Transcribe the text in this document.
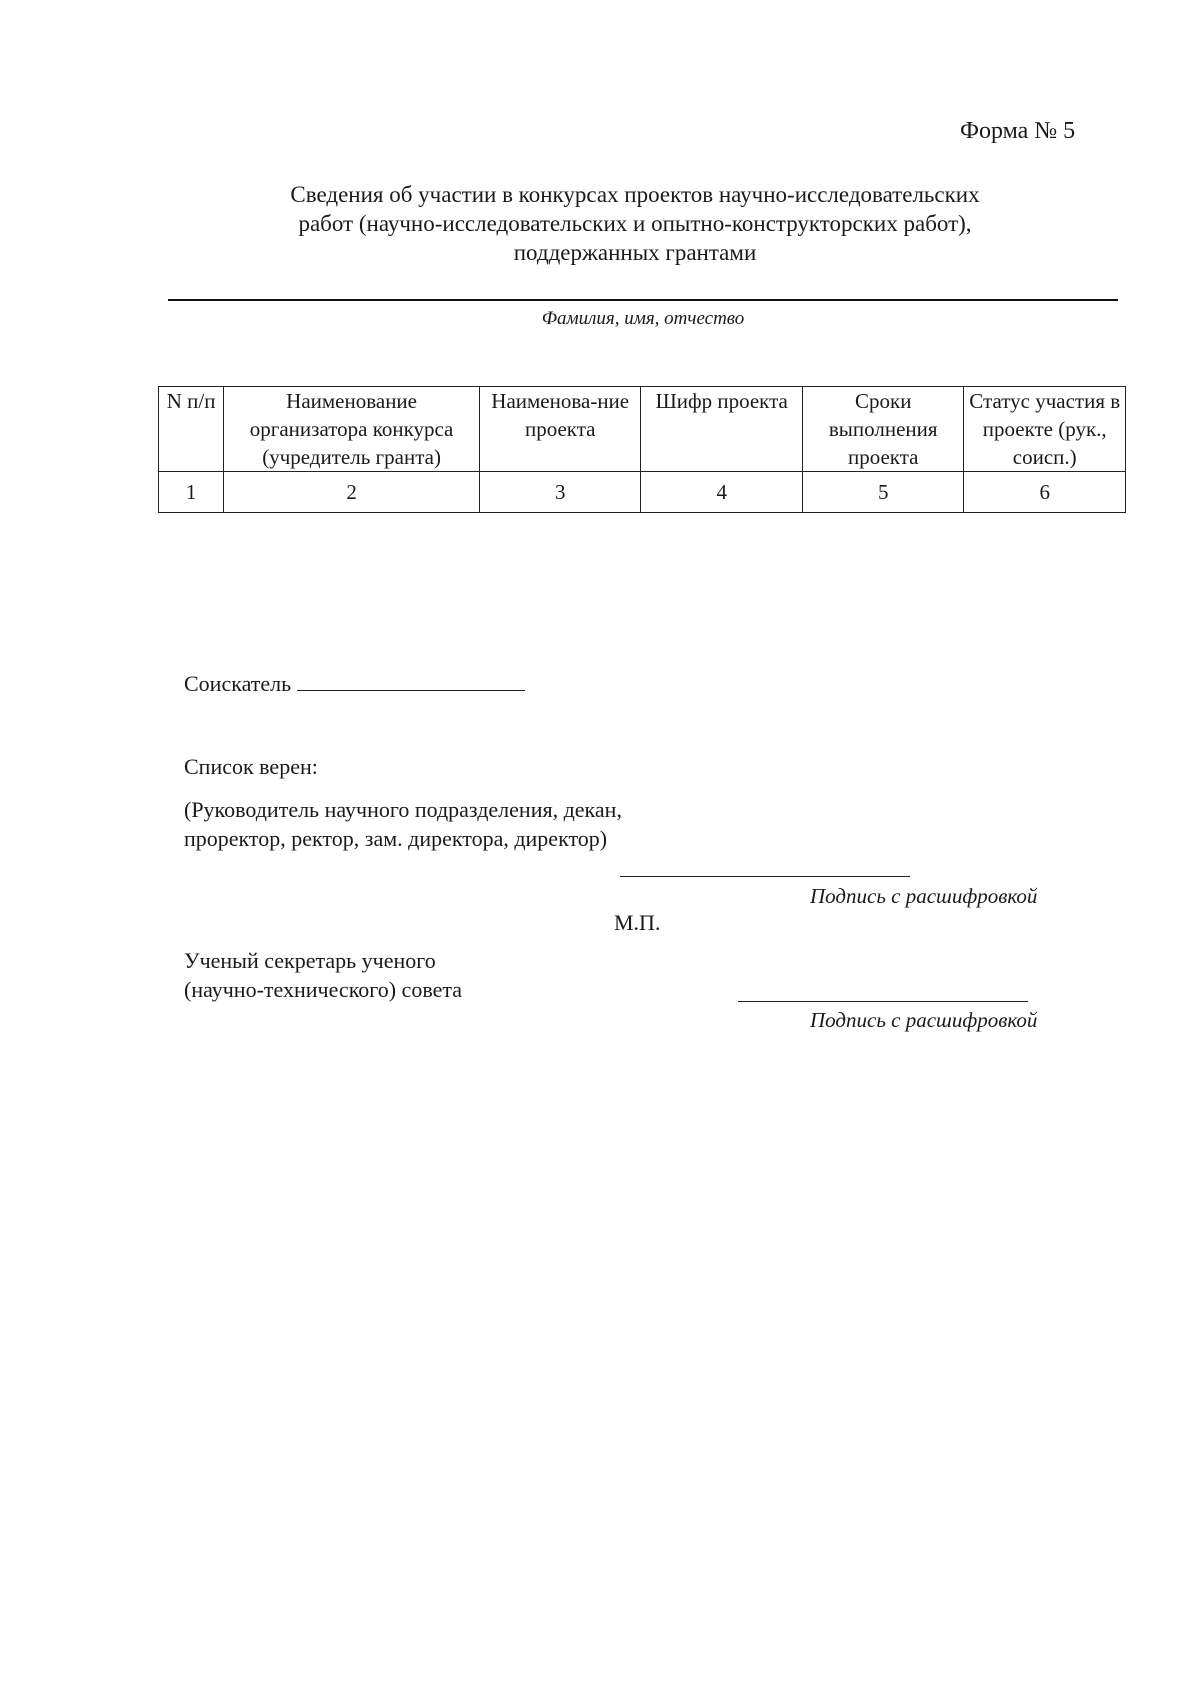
Форма № 5
Сведения об участии в конкурсах проектов научно-исследовательских
работ (научно-исследовательских и опытно-конструкторских работ),
поддержанных грантами
Фамилия, имя, отчество
N п/п	Наименование организатора конкурса (учредитель гранта)	Наименова-ние проекта	Шифр проекта	Сроки выполнения проекта	Статус участия в проекте (рук., соисп.)
1	2	3	4	5	6
Соискатель
Список верен:
(Руководитель научного подразделения, декан,
проректор, ректор, зам. директора, директор)
Подпись с расшифровкой
М.П.
Ученый секретарь ученого
(научно-технического) совета
Подпись с расшифровкой
